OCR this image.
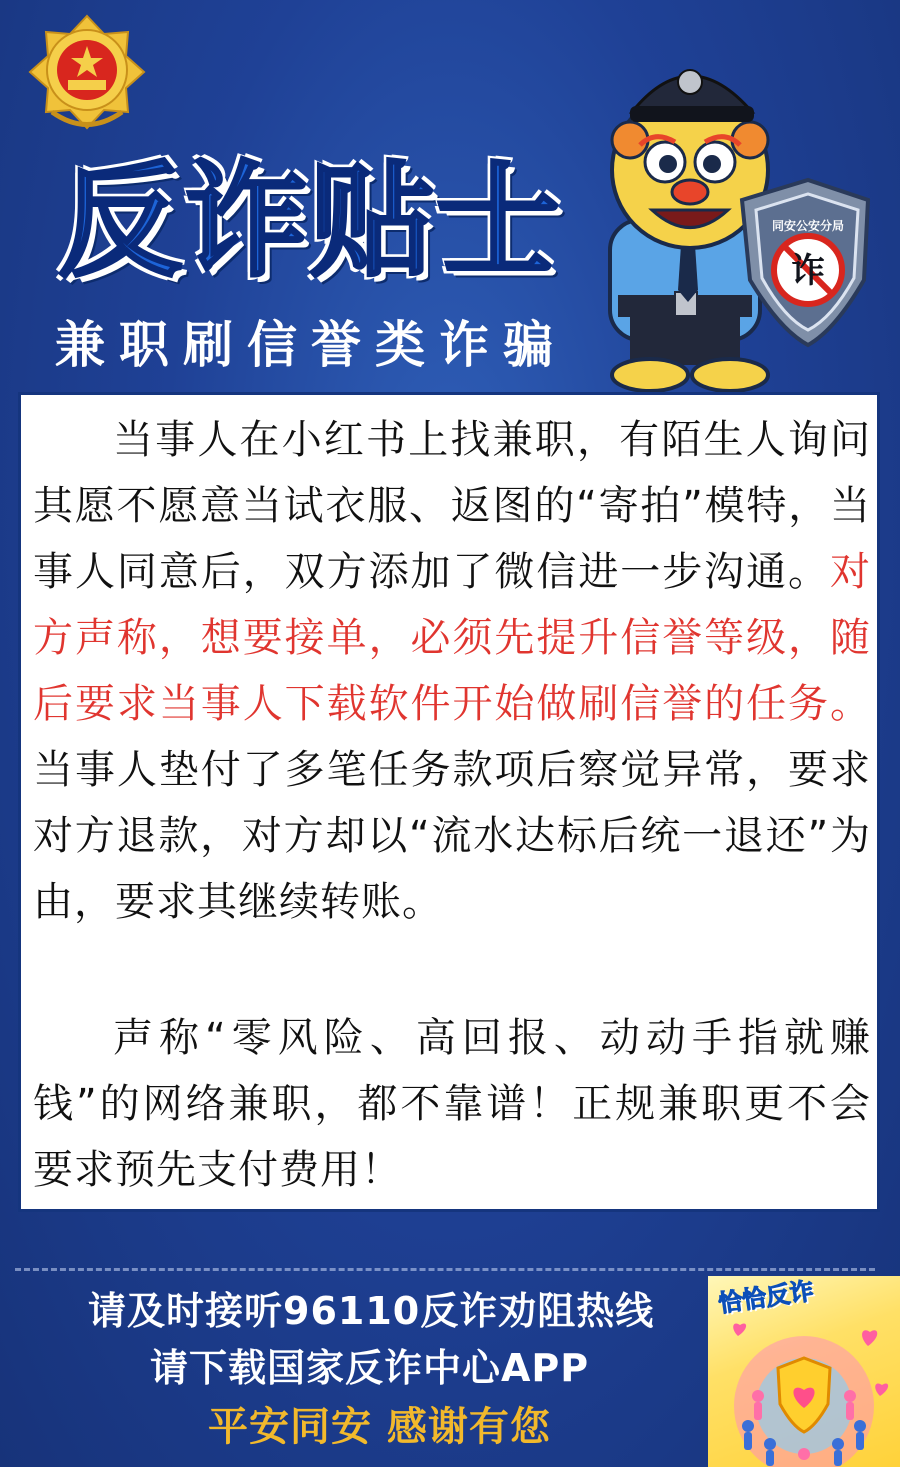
反诈贴士
兼职刷信誉类诈骗
诈
同安公安分局

当事人在小红书上找兼职，有陌生人询问其愿不愿意当试衣服、返图的“寄拍”模特，当事人同意后，双方添加了微信进一步沟通。对方声称，想要接单，必须先提升信誉等级，随后要求当事人下载软件开始做刷信誉的任务。当事人垫付了多笔任务款项后察觉异常，要求对方退款，对方却以“流水达标后统一退还”为由，要求其继续转账。

声称“零风险、高回报、动动手指就赚钱”的网络兼职，都不靠谱！正规兼职更不会要求预先支付费用！

请及时接听96110反诈劝阻热线

请下载国家反诈中心APP

平安同安 感谢有您

恰恰反诈
